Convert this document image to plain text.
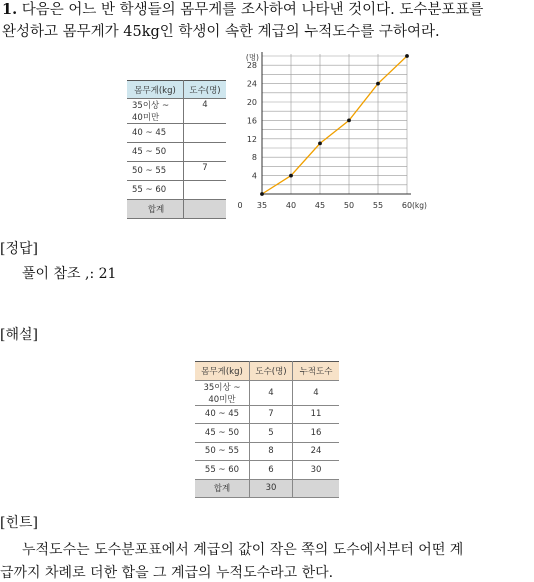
1. 다음은 어느 반 학생들의 몸무게를 조사하여 나타낸 것이다. 도수분포표를
완성하고 몸무게가 45kg인 학생이 속한 계급의 누적도수를 구하여라.
몸무게(kg)	도수(명)
35이상 ~ 40미만	4
40 ~ 45	
45 ~ 50	
50 ~ 55	7
55 ~ 60	
합계	
4
8
12
16
20
24
28
(명)
0 35 40 45 50 55 60 (kg)
[정답]
풀이 참조 ,: 21
[해설]
몸무게(kg)	도수(명)	누적도수
35이상 ~ 40미만	4	4
40 ~ 45	7	11
45 ~ 50	5	16
50 ~ 55	8	24
55 ~ 60	6	30
합계	30	
[힌트]
누적도수는 도수분포표에서 계급의 값이 작은 쪽의 도수에서부터 어떤 계
급까지 차례로 더한 합을 그 계급의 누적도수라고 한다.
